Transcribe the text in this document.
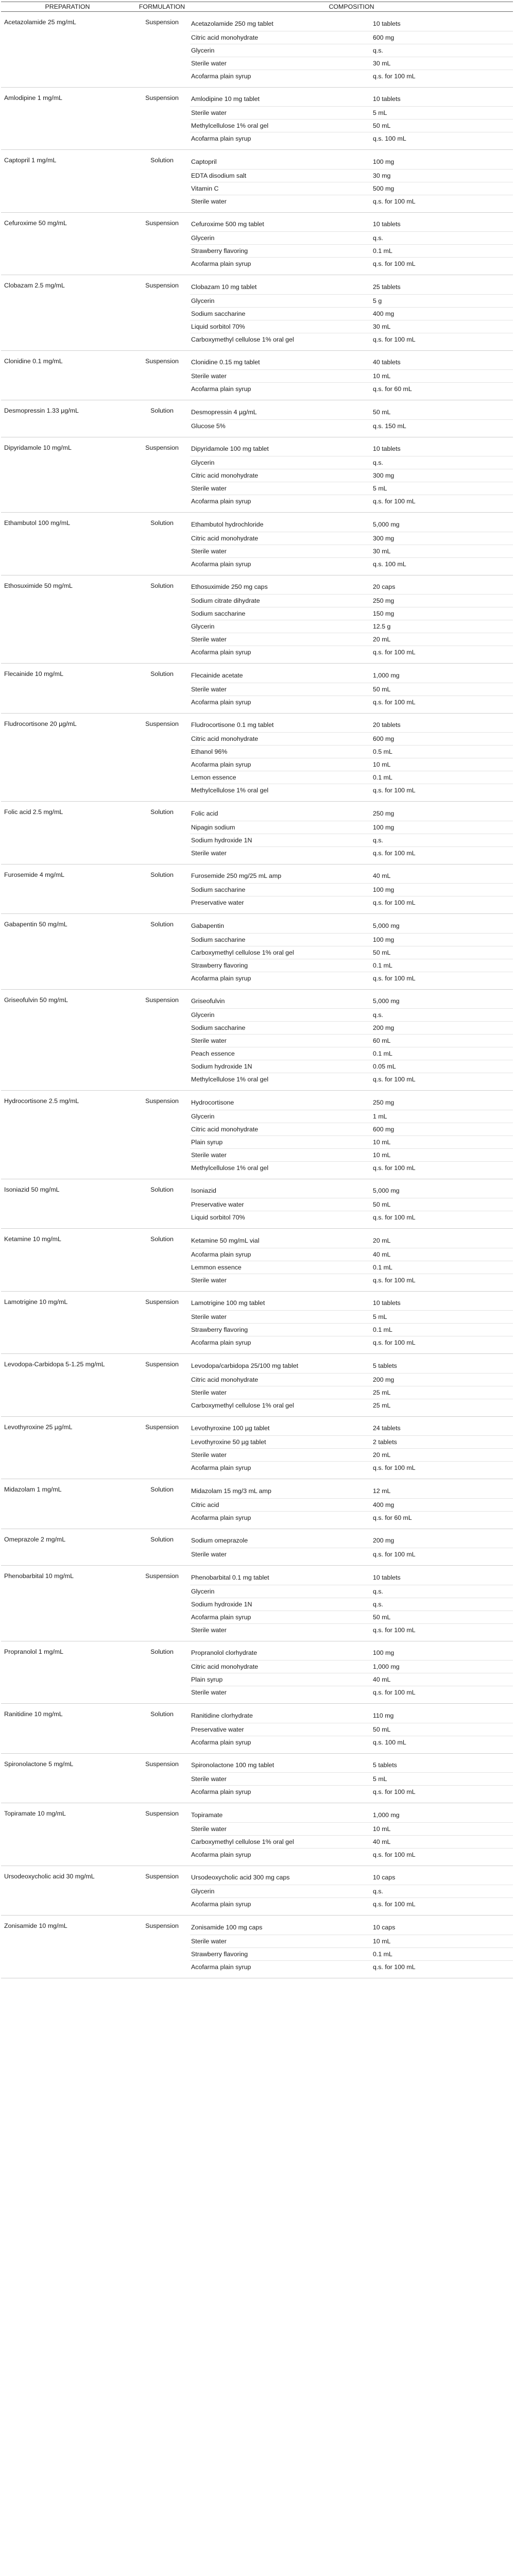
PREPARATION	FORMULATION	COMPOSITION	
Acetazolamide 25 mg/mL	Suspension	Acetazolamide 250 mg tablet	10 tablets
		Citric acid monohydrate	600 mg
		Glycerin	q.s.
		Sterile water	30 mL
		Acofarma plain syrup	q.s. for 100 mL
Amlodipine 1 mg/mL	Suspension	Amlodipine 10 mg tablet	10 tablets
		Sterile water	5 mL
		Methylcellulose 1% oral gel	50 mL
		Acofarma plain syrup	q.s. 100 mL
Captopril 1 mg/mL	Solution	Captopril	100 mg
		EDTA disodium salt	30 mg
		Vitamin C	500 mg
		Sterile water	q.s. for 100 mL
Cefuroxime 50 mg/mL	Suspension	Cefuroxime 500 mg tablet	10 tablets
		Glycerin	q.s.
		Strawberry flavoring	0.1 mL
		Acofarma plain syrup	q.s. for 100 mL
Clobazam 2.5 mg/mL	Suspension	Clobazam 10 mg tablet	25 tablets
		Glycerin	5 g
		Sodium saccharine	400 mg
		Liquid sorbitol 70%	30 mL
		Carboxymethyl cellulose 1% oral gel	q.s. for 100 mL
Clonidine 0.1 mg/mL	Suspension	Clonidine 0.15 mg tablet	40 tablets
		Sterile water	10 mL
		Acofarma plain syrup	q.s. for 60 mL
Desmopressin 1.33 µg/mL	Solution	Desmopressin 4 µg/mL	50 mL
		Glucose 5%	q.s. 150 mL
Dipyridamole 10 mg/mL	Suspension	Dipyridamole 100 mg tablet	10 tablets
		Glycerin	q.s.
		Citric acid monohydrate	300 mg
		Sterile water	5 mL
		Acofarma plain syrup	q.s. for 100 mL
Ethambutol 100 mg/mL	Solution	Ethambutol hydrochloride	5,000 mg
		Citric acid monohydrate	300 mg
		Sterile water	30 mL
		Acofarma plain syrup	q.s. 100 mL
Ethosuximide 50 mg/mL	Solution	Ethosuximide 250 mg caps	20 caps
		Sodium citrate dihydrate	250 mg
		Sodium saccharine	150 mg
		Glycerin	12.5 g
		Sterile water	20 mL
		Acofarma plain syrup	q.s. for 100 mL
Flecainide 10 mg/mL	Solution	Flecainide acetate	1,000 mg
		Sterile water	50 mL
		Acofarma plain syrup	q.s. for 100 mL
Fludrocortisone 20 µg/mL	Suspension	Fludrocortisone 0.1 mg tablet	20 tablets
		Citric acid monohydrate	600 mg
		Ethanol 96%	0.5 mL
		Acofarma plain syrup	10 mL
		Lemon essence	0.1 mL
		Methylcellulose 1% oral gel	q.s. for 100 mL
Folic acid 2.5 mg/mL	Solution	Folic acid	250 mg
		Nipagin sodium	100 mg
		Sodium hydroxide 1N	q.s.
		Sterile water	q.s. for 100 mL
Furosemide 4 mg/mL	Solution	Furosemide 250 mg/25 mL amp	40 mL
		Sodium saccharine	100 mg
		Preservative water	q.s. for 100 mL
Gabapentin 50 mg/mL	Solution	Gabapentin	5,000 mg
		Sodium saccharine	100 mg
		Carboxymethyl cellulose 1% oral gel	50 mL
		Strawberry flavoring	0.1 mL
		Acofarma plain syrup	q.s. for 100 mL
Griseofulvin 50 mg/mL	Suspension	Griseofulvin	5,000 mg
		Glycerin	q.s.
		Sodium saccharine	200 mg
		Sterile water	60 mL
		Peach essence	0.1 mL
		Sodium hydroxide 1N	0.05 mL
		Methylcellulose 1% oral gel	q.s. for 100 mL
Hydrocortisone 2.5 mg/mL	Suspension	Hydrocortisone	250 mg
		Glycerin	1 mL
		Citric acid monohydrate	600 mg
		Plain syrup	10 mL
		Sterile water	10 mL
		Methylcellulose 1% oral gel	q.s. for 100 mL
Isoniazid 50 mg/mL	Solution	Isoniazid	5,000 mg
		Preservative water	50 mL
		Liquid sorbitol 70%	q.s. for 100 mL
Ketamine 10 mg/mL	Solution	Ketamine 50 mg/mL vial	20 mL
		Acofarma plain syrup	40 mL
		Lemmon essence	0.1 mL
		Sterile water	q.s. for 100 mL
Lamotrigine 10 mg/mL	Suspension	Lamotrigine 100 mg tablet	10 tablets
		Sterile water	5 mL
		Strawberry flavoring	0.1 mL
		Acofarma plain syrup	q.s. for 100 mL
Levodopa-Carbidopa 5-1.25 mg/mL	Suspension	Levodopa/carbidopa 25/100 mg tablet	5 tablets
		Citric acid monohydrate	200 mg
		Sterile water	25 mL
		Carboxymethyl cellulose 1% oral gel	25 mL
Levothyroxine 25 µg/mL	Suspension	Levothyroxine 100 µg tablet	24 tablets
		Levothyroxine 50 µg tablet	2 tablets
		Sterile water	20 mL
		Acofarma plain syrup	q.s. for 100 mL
Midazolam 1 mg/mL	Solution	Midazolam 15 mg/3 mL amp	12 mL
		Citric acid	400 mg
		Acofarma plain syrup	q.s. for 60 mL
Omeprazole 2 mg/mL	Solution	Sodium omeprazole	200 mg
		Sterile water	q.s. for 100 mL
Phenobarbital 10 mg/mL	Suspension	Phenobarbital 0.1 mg tablet	10 tablets
		Glycerin	q.s.
		Sodium hydroxide 1N	q.s.
		Acofarma plain syrup	50 mL
		Sterile water	q.s. for 100 mL
Propranolol 1 mg/mL	Solution	Propranolol clorhydrate	100 mg
		Citric acid monohydrate	1,000 mg
		Plain syrup	40 mL
		Sterile water	q.s. for 100 mL
Ranitidine 10 mg/mL	Solution	Ranitidine clorhydrate	110 mg
		Preservative water	50 mL
		Acofarma plain syrup	q.s. 100 mL
Spironolactone 5 mg/mL	Suspension	Spironolactone 100 mg tablet	5 tablets
		Sterile water	5 mL
		Acofarma plain syrup	q.s. for 100 mL
Topiramate 10 mg/mL	Suspension	Topiramate	1,000 mg
		Sterile water	10 mL
		Carboxymethyl cellulose 1% oral gel	40 mL
		Acofarma plain syrup	q.s. for 100 mL
Ursodeoxycholic acid 30 mg/mL	Suspension	Ursodeoxycholic acid 300 mg caps	10 caps
		Glycerin	q.s.
		Acofarma plain syrup	q.s. for 100 mL
Zonisamide 10 mg/mL	Suspension	Zonisamide 100 mg caps	10 caps
		Sterile water	10 mL
		Strawberry flavoring	0.1 mL
		Acofarma plain syrup	q.s. for 100 mL
